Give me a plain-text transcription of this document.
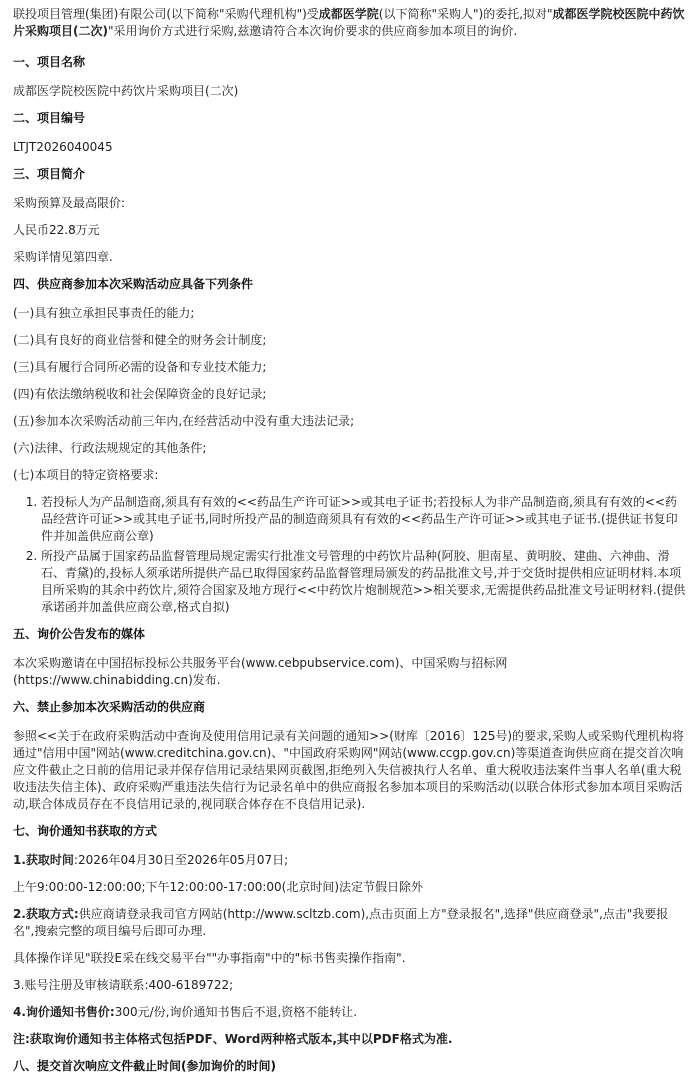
联投项目管理(集团)有限公司(以下简称"采购代理机构")受成都医学院(以下简称"采购人")的委托,拟对"成都医学院校医院中药饮片采购项目(二次)"采用询价方式进行采购,兹邀请符合本次询价要求的供应商参加本项目的询价.

一、项目名称

成都医学院校医院中药饮片采购项目(二次)

二、项目编号

LTJT2026040045

三、项目简介

采购预算及最高限价:

人民币22.8万元

采购详情见第四章.

四、供应商参加本次采购活动应具备下列条件

(一)具有独立承担民事责任的能力;

(二)具有良好的商业信誉和健全的财务会计制度;

(三)具有履行合同所必需的设备和专业技术能力;

(四)有依法缴纳税收和社会保障资金的良好记录;

(五)参加本次采购活动前三年内,在经营活动中没有重大违法记录;

(六)法律、行政法规规定的其他条件;

(七)本项目的特定资格要求:

1. 若投标人为产品制造商,须具有有效的<<药品生产许可证>>或其电子证书;若投标人为非产品制造商,须具有有效的<<药品经营许可证>>或其电子证书,同时所投产品的制造商须具有有效的<<药品生产许可证>>或其电子证书.(提供证书复印件并加盖供应商公章)
2. 所投产品属于国家药品监督管理局规定需实行批准文号管理的中药饮片品种(阿胶、胆南星、黄明胶、建曲、六神曲、滑石、青黛)的,投标人须承诺所提供产品已取得国家药品监督管理局颁发的药品批准文号,并于交货时提供相应证明材料.本项目所采购的其余中药饮片,须符合国家及地方现行<<中药饮片炮制规范>>相关要求,无需提供药品批准文号证明材料.(提供承诺函并加盖供应商公章,格式自拟)

五、询价公告发布的媒体

本次采购邀请在中国招标投标公共服务平台(www.cebpubservice.com)、中国采购与招标网(https://www.chinabidding.cn)发布.

六、禁止参加本次采购活动的供应商

参照<<关于在政府采购活动中查询及使用信用记录有关问题的通知>>(财库〔2016〕125号)的要求,采购人或采购代理机构将通过"信用中国"网站(www.creditchina.gov.cn)、"中国政府采购网"网站(www.ccgp.gov.cn)等渠道查询供应商在提交首次响应文件截止之日前的信用记录并保存信用记录结果网页截图,拒绝列入失信被执行人名单、重大税收违法案件当事人名单(重大税收违法失信主体)、政府采购严重违法失信行为记录名单中的供应商报名参加本项目的采购活动(以联合体形式参加本项目采购活动,联合体成员存在不良信用记录的,视同联合体存在不良信用记录).

七、询价通知书获取的方式

1.获取时间:2026年04月30日至2026年05月07日;

上午9:00:00-12:00:00;下午12:00:00-17:00:00(北京时间)法定节假日除外

2.获取方式:供应商请登录我司官方网站(http://www.scltzb.com),点击页面上方"登录报名",选择"供应商登录",点击"我要报名",搜索完整的项目编号后即可办理.

具体操作详见"联投E采在线交易平台""办事指南"中的"标书售卖操作指南".

3.账号注册及审核请联系:400-6189722;

4.询价通知书售价:300元/份,询价通知书售后不退,资格不能转让.

注:获取询价通知书主体格式包括PDF、Word两种格式版本,其中以PDF格式为准.

八、提交首次响应文件截止时间(参加询价的时间)
